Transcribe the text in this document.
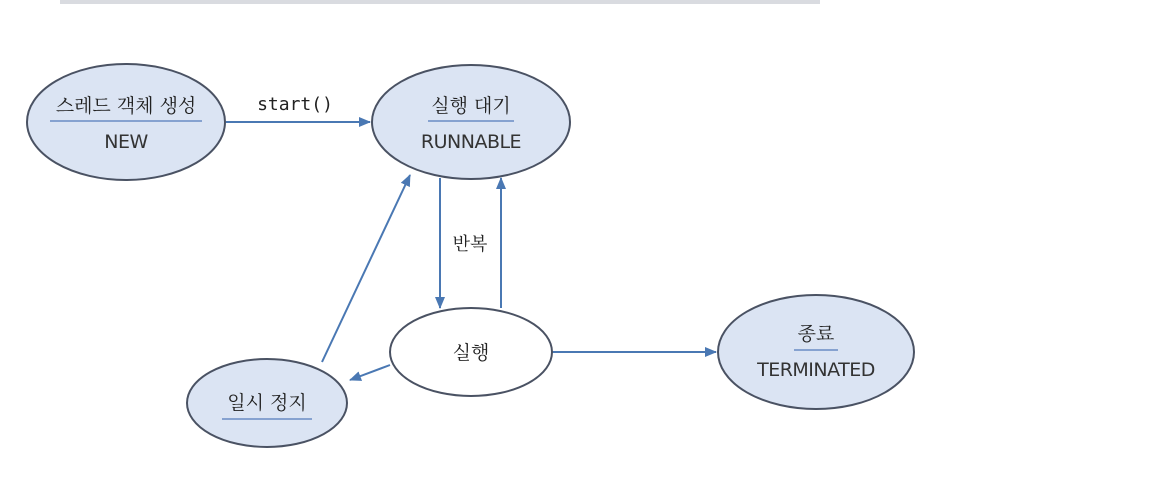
start()
반복
스레드 객체 생성
NEW
실행 대기
RUNNABLE
실행
일시 정지
종료
TERMINATED
